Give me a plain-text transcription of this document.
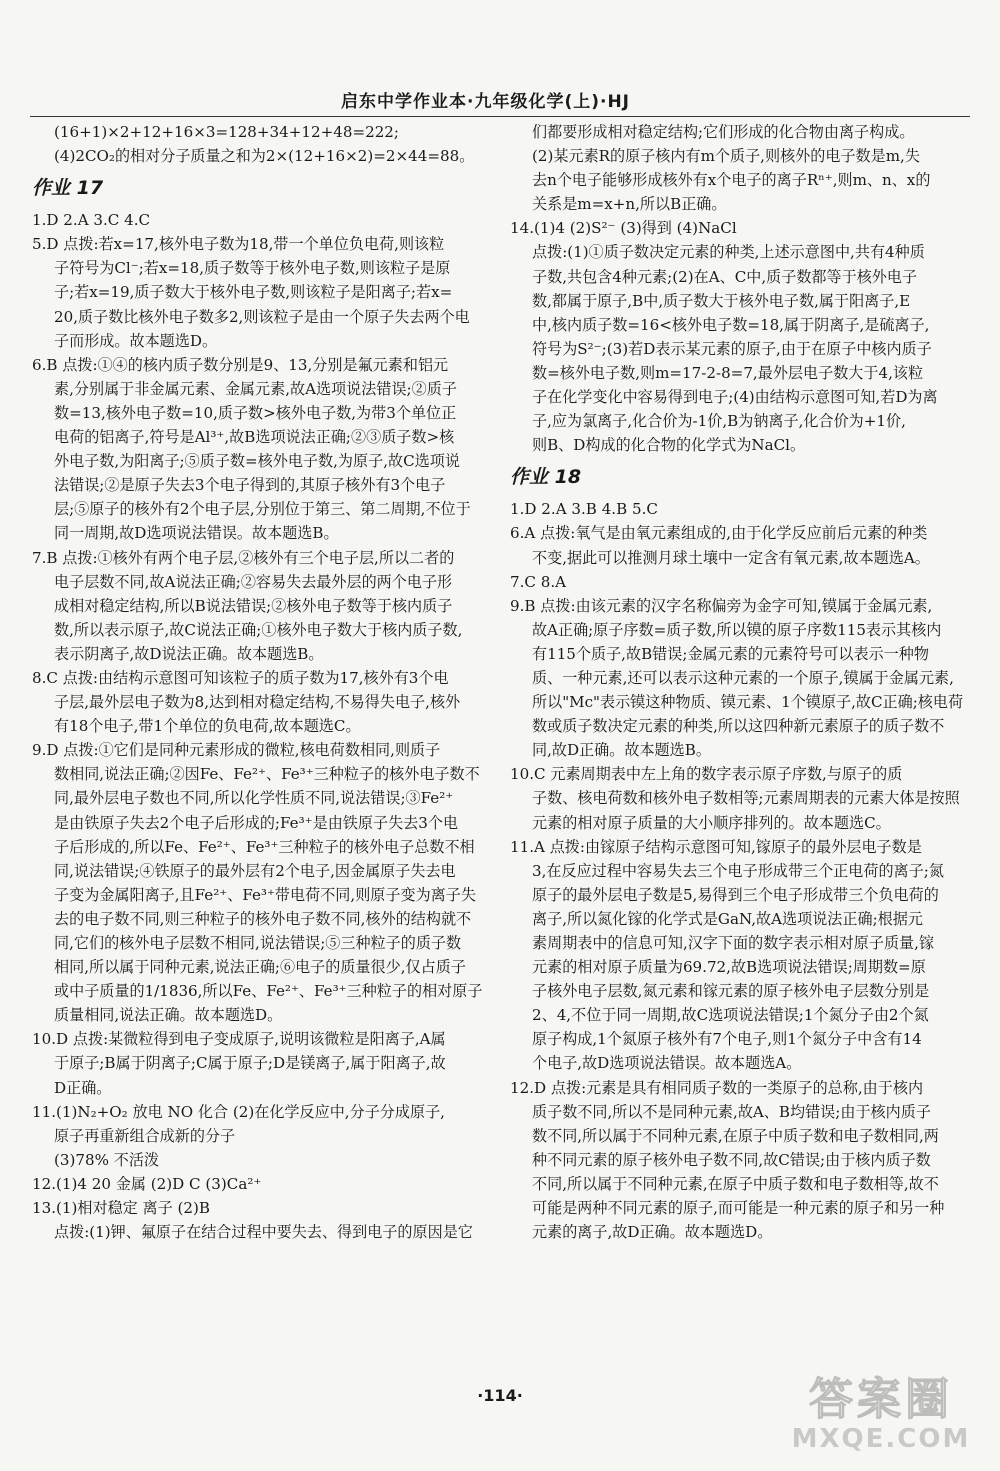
启东中学作业本·九年级化学(上)·HJ
(16+1)×2+12+16×3=128+34+12+48=222;
(4)2CO₂的相对分子质量之和为2×(12+16×2)=2×44=88。
作业 17
1.D 2.A 3.C 4.C
5.D 点拨:若x=17,核外电子数为18,带一个单位负电荷,则该粒
子符号为Cl⁻;若x=18,质子数等于核外电子数,则该粒子是原
子;若x=19,质子数大于核外电子数,则该粒子是阳离子;若x=
20,质子数比核外电子数多2,则该粒子是由一个原子失去两个电
子而形成。故本题选D。
6.B 点拨:①④的核内质子数分别是9、13,分别是氟元素和铝元
素,分别属于非金属元素、金属元素,故A选项说法错误;②质子
数=13,核外电子数=10,质子数>核外电子数,为带3个单位正
电荷的铝离子,符号是Al³⁺,故B选项说法正确;②③质子数>核
外电子数,为阳离子;⑤质子数=核外电子数,为原子,故C选项说
法错误;②是原子失去3个电子得到的,其原子核外有3个电子
层;⑤原子的核外有2个电子层,分别位于第三、第二周期,不位于
同一周期,故D选项说法错误。故本题选B。
7.B 点拨:①核外有两个电子层,②核外有三个电子层,所以二者的
电子层数不同,故A说法正确;②容易失去最外层的两个电子形
成相对稳定结构,所以B说法错误;②核外电子数等于核内质子
数,所以表示原子,故C说法正确;①核外电子数大于核内质子数,
表示阴离子,故D说法正确。故本题选B。
8.C 点拨:由结构示意图可知该粒子的质子数为17,核外有3个电
子层,最外层电子数为8,达到相对稳定结构,不易得失电子,核外
有18个电子,带1个单位的负电荷,故本题选C。
9.D 点拨:①它们是同种元素形成的微粒,核电荷数相同,则质子
数相同,说法正确;②因Fe、Fe²⁺、Fe³⁺三种粒子的核外电子数不
同,最外层电子数也不同,所以化学性质不同,说法错误;③Fe²⁺
是由铁原子失去2个电子后形成的;Fe³⁺是由铁原子失去3个电
子后形成的,所以Fe、Fe²⁺、Fe³⁺三种粒子的核外电子总数不相
同,说法错误;④铁原子的最外层有2个电子,因金属原子失去电
子变为金属阳离子,且Fe²⁺、Fe³⁺带电荷不同,则原子变为离子失
去的电子数不同,则三种粒子的核外电子数不同,核外的结构就不
同,它们的核外电子层数不相同,说法错误;⑤三种粒子的质子数
相同,所以属于同种元素,说法正确;⑥电子的质量很少,仅占质子
或中子质量的1/1836,所以Fe、Fe²⁺、Fe³⁺三种粒子的相对原子
质量相同,说法正确。故本题选D。
10.D 点拨:某微粒得到电子变成原子,说明该微粒是阳离子,A属
于原子;B属于阴离子;C属于原子;D是镁离子,属于阳离子,故
D正确。
11.(1)N₂+O₂ 放电 NO 化合 (2)在化学反应中,分子分成原子,
原子再重新组合成新的分子
(3)78% 不活泼
12.(1)4 20 金属 (2)D C (3)Ca²⁺
13.(1)相对稳定 离子 (2)B
点拨:(1)钾、氟原子在结合过程中要失去、得到电子的原因是它
们都要形成相对稳定结构;它们形成的化合物由离子构成。
(2)某元素R的原子核内有m个质子,则核外的电子数是m,失
去n个电子能够形成核外有x个电子的离子Rⁿ⁺,则m、n、x的
关系是m=x+n,所以B正确。
14.(1)4 (2)S²⁻ (3)得到 (4)NaCl
点拨:(1)①质子数决定元素的种类,上述示意图中,共有4种质
子数,共包含4种元素;(2)在A、C中,质子数都等于核外电子
数,都属于原子,B中,质子数大于核外电子数,属于阳离子,E
中,核内质子数=16<核外电子数=18,属于阴离子,是硫离子,
符号为S²⁻;(3)若D表示某元素的原子,由于在原子中核内质子
数=核外电子数,则m=17-2-8=7,最外层电子数大于4,该粒
子在化学变化中容易得到电子;(4)由结构示意图可知,若D为离
子,应为氯离子,化合价为-1价,B为钠离子,化合价为+1价,
则B、D构成的化合物的化学式为NaCl。
作业 18
1.D 2.A 3.B 4.B 5.C
6.A 点拨:氧气是由氧元素组成的,由于化学反应前后元素的种类
不变,据此可以推测月球土壤中一定含有氧元素,故本题选A。
7.C 8.A
9.B 点拨:由该元素的汉字名称偏旁为金字可知,镆属于金属元素,
故A正确;原子序数=质子数,所以镆的原子序数115表示其核内
有115个质子,故B错误;金属元素的元素符号可以表示一种物
质、一种元素,还可以表示这种元素的一个原子,镆属于金属元素,
所以"Mc"表示镆这种物质、镆元素、1个镆原子,故C正确;核电荷
数或质子数决定元素的种类,所以这四种新元素原子的质子数不
同,故D正确。故本题选B。
10.C 元素周期表中左上角的数字表示原子序数,与原子的质
子数、核电荷数和核外电子数相等;元素周期表的元素大体是按照
元素的相对原子质量的大小顺序排列的。故本题选C。
11.A 点拨:由镓原子结构示意图可知,镓原子的最外层电子数是
3,在反应过程中容易失去三个电子形成带三个正电荷的离子;氮
原子的最外层电子数是5,易得到三个电子形成带三个负电荷的
离子,所以氮化镓的化学式是GaN,故A选项说法正确;根据元
素周期表中的信息可知,汉字下面的数字表示相对原子质量,镓
元素的相对原子质量为69.72,故B选项说法错误;周期数=原
子核外电子层数,氮元素和镓元素的原子核外电子层数分别是
2、4,不位于同一周期,故C选项说法错误;1个氮分子由2个氮
原子构成,1个氮原子核外有7个电子,则1个氮分子中含有14
个电子,故D选项说法错误。故本题选A。
12.D 点拨:元素是具有相同质子数的一类原子的总称,由于核内
质子数不同,所以不是同种元素,故A、B均错误;由于核内质子
数不同,所以属于不同种元素,在原子中质子数和电子数相同,两
种不同元素的原子核外电子数不同,故C错误;由于核内质子数
不同,所以属于不同种元素,在原子中质子数和电子数相等,故不
可能是两种不同元素的原子,而可能是一种元素的原子和另一种
元素的离子,故D正确。故本题选D。
·114·	答案圈
MXQE.COM
